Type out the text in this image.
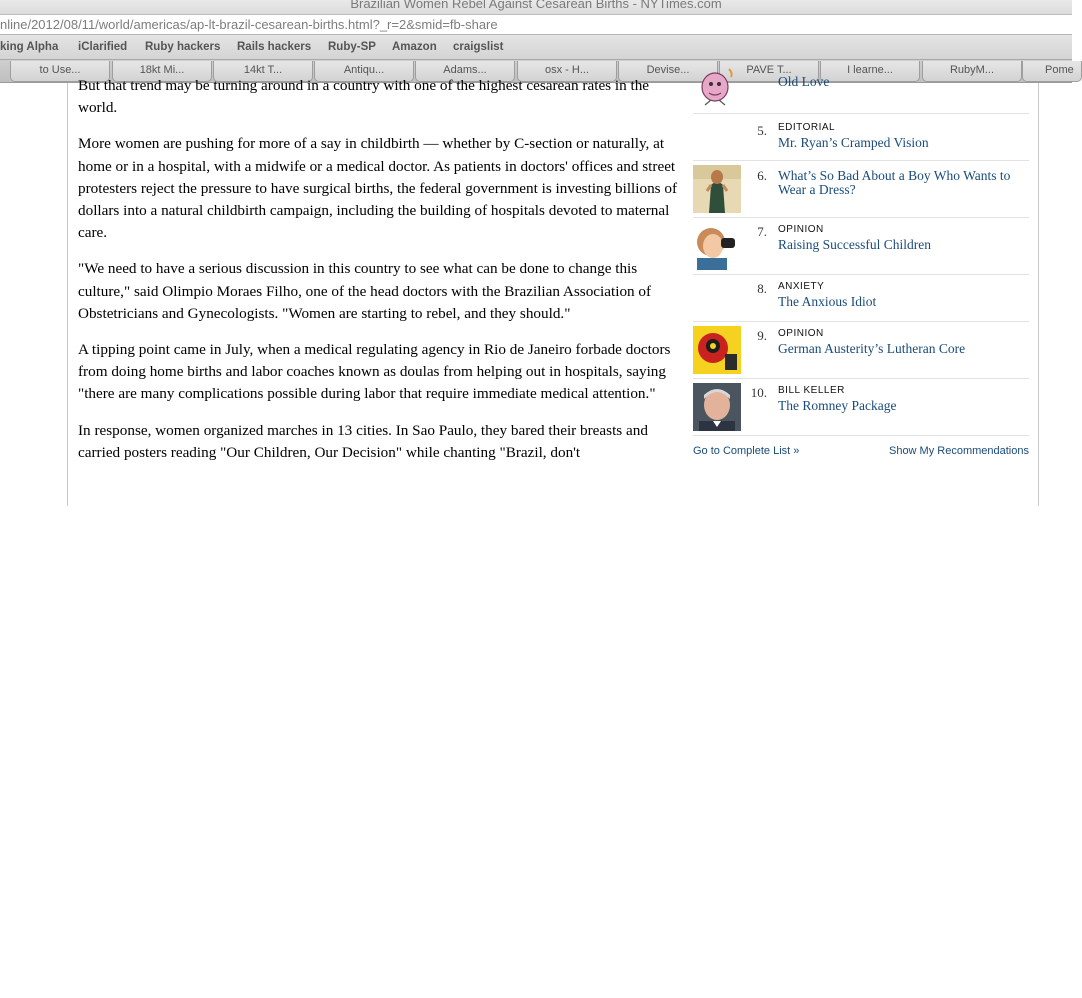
Brazilian Women Rebel Against Cesarean Births - NYTimes.com
nline/2012/08/11/world/americas/ap-lt-brazil-cesarean-births.html?_r=2&smid=fb-share
king Alpha iClarified Ruby hackers Rails hackers Ruby-SP Amazon craigslist
to Use...	18kt Mi...	14kt T...	Antiqu...	Adams...	osx - H...	Devise...	PAVE T...	I learne...	RubyM...	Pome

But that trend may be turning around in a country with one of the highest cesarean rates in the world.

More women are pushing for more of a say in childbirth — whether by C-section or naturally, at home or in a hospital, with a midwife or a medical doctor. As patients in doctors' offices and street protesters reject the pressure to have surgical births, the federal government is investing billions of dollars into a natural childbirth campaign, including the building of hospitals devoted to maternal care.

"We need to have a serious discussion in this country to see what can be done to change this culture," said Olimpio Moraes Filho, one of the head doctors with the Brazilian Association of Obstetricians and Gynecologists. "Women are starting to rebel, and they should."

A tipping point came in July, when a medical regulating agency in Rio de Janeiro forbade doctors from doing home births and labor coaches known as doulas from helping out in hospitals, saying "there are many complications possible during labor that require immediate medical attention."

In response, women organized marches in 13 cities. In Sao Paulo, they bared their breasts and carried posters reading "Our Children, Our Decision" while chanting "Brazil, don't

Old Love
5. EDITORIAL
Mr. Ryan’s Cramped Vision
6. What’s So Bad About a Boy Who Wants to Wear a Dress?
7. OPINION
Raising Successful Children
8. ANXIETY
The Anxious Idiot
9. OPINION
German Austerity’s Lutheran Core
10. BILL KELLER
The Romney Package
Go to Complete List »	Show My Recommendations
